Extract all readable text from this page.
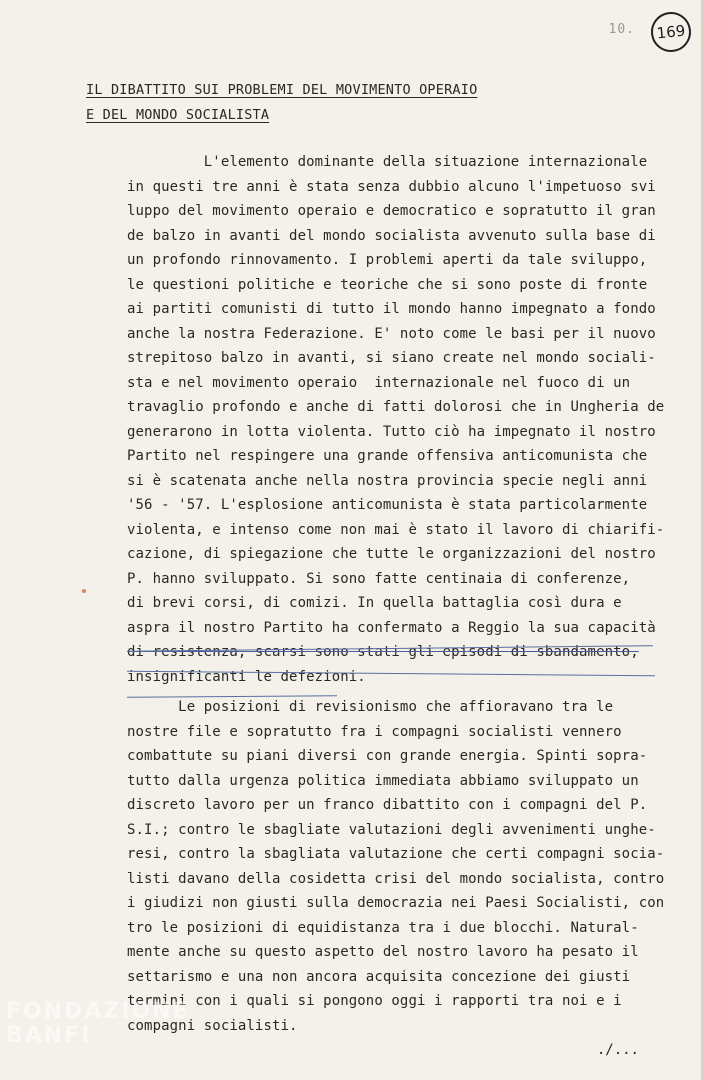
10.	169
IL DIBATTITO SUI PROBLEMI DEL MOVIMENTO OPERAIO
E DEL MONDO SOCIALISTA
L'elemento dominante della situazione internazionale
in questi tre anni è stata senza dubbio alcuno l'impetuoso svi
luppo del movimento operaio e democratico e sopratutto il gran
de balzo in avanti del mondo socialista avvenuto sulla base di
un profondo rinnovamento. I problemi aperti da tale sviluppo,
le questioni politiche e teoriche che si sono poste di fronte
ai partiti comunisti di tutto il mondo hanno impegnato a fondo
anche la nostra Federazione. E' noto come le basi per il nuovo
strepitoso balzo in avanti, si siano create nel mondo sociali-
sta e nel movimento operaio  internazionale nel fuoco di un
travaglio profondo e anche di fatti dolorosi che in Ungheria de
generarono in lotta violenta. Tutto ciò ha impegnato il nostro
Partito nel respingere una grande offensiva anticomunista che
si è scatenata anche nella nostra provincia specie negli anni
'56 - '57. L'esplosione anticomunista è stata particolarmente
violenta, e intenso come non mai è stato il lavoro di chiarifi-
cazione, di spiegazione che tutte le organizzazioni del nostro
P. hanno sviluppato. Si sono fatte centinaia di conferenze,
di brevi corsi, di comizi. In quella battaglia così dura e
aspra il nostro Partito ha confermato a Reggio la sua capacità
di resistenza, scarsi sono stati gli episodi di sbandamento,
insignificanti le defezioni.
Le posizioni di revisionismo che affioravano tra le
nostre file e sopratutto fra i compagni socialisti vennero
combattute su piani diversi con grande energia. Spinti sopra-
tutto dalla urgenza politica immediata abbiamo sviluppato un
discreto lavoro per un franco dibattito con i compagni del P.
S.I.; contro le sbagliate valutazioni degli avvenimenti unghe-
resi, contro la sbagliata valutazione che certi compagni socia-
listi davano della cosidetta crisi del mondo socialista, contro
i giudizi non giusti sulla democrazia nei Paesi Socialisti, con
tro le posizioni di equidistanza tra i due blocchi. Natural-
mente anche su questo aspetto del nostro lavoro ha pesato il
settarismo e una non ancora acquisita concezione dei giusti
termini con i quali si pongono oggi i rapporti tra noi e i
compagni socialisti.
./...
FONDAZIONE
BANFI
